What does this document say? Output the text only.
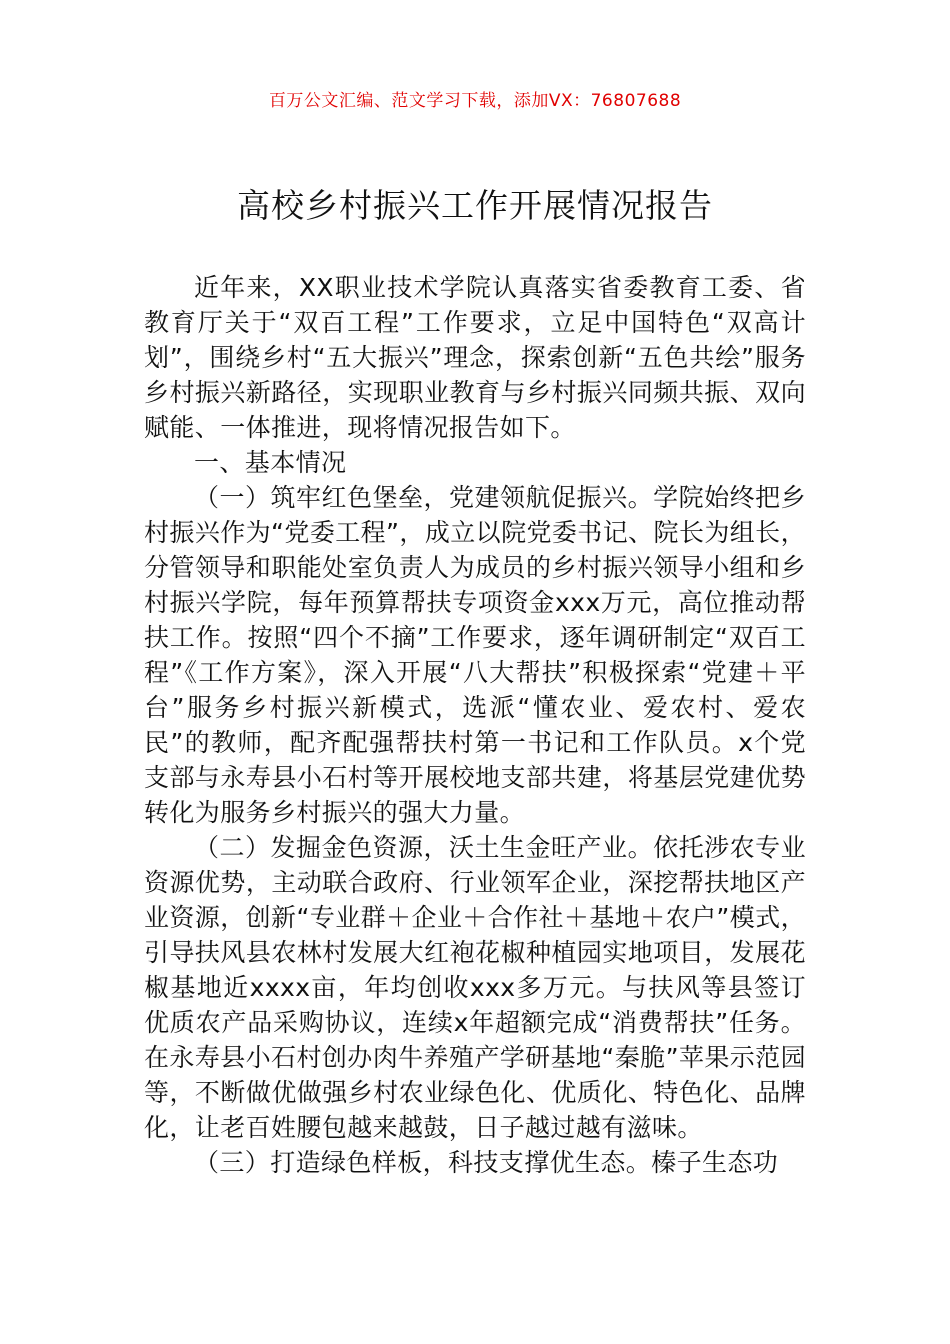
百万公文汇编、范文学习下载，添加VX：76807688
高校乡村振兴工作开展情况报告

近年来，XX职业技术学院认真落实省委教育工委、省教育厅关于“双百工程”工作要求，立足中国特色“双高计划”，围绕乡村“五大振兴”理念，探索创新“五色共绘”服务乡村振兴新路径，实现职业教育与乡村振兴同频共振、双向赋能、一体推进，现将情况报告如下。

一、基本情况

（一）筑牢红色堡垒，党建领航促振兴。学院始终把乡村振兴作为“党委工程”，成立以院党委书记、院长为组长，分管领导和职能处室负责人为成员的乡村振兴领导小组和乡村振兴学院，每年预算帮扶专项资金xxx万元，高位推动帮扶工作。按照“四个不摘”工作要求，逐年调研制定“双百工程”《工作方案》，深入开展“八大帮扶”积极探索“党建＋平台”服务乡村振兴新模式，选派“懂农业、爱农村、爱农民”的教师，配齐配强帮扶村第一书记和工作队员。x个党支部与永寿县小石村等开展校地支部共建，将基层党建优势转化为服务乡村振兴的强大力量。

（二）发掘金色资源，沃土生金旺产业。依托涉农专业资源优势，主动联合政府、行业领军企业，深挖帮扶地区产业资源，创新“专业群＋企业＋合作社＋基地＋农户”模式，引导扶风县农林村发展大红袍花椒种植园实地项目，发展花椒基地近xxxx亩，年均创收xxx多万元。与扶风等县签订优质农产品采购协议，连续x年超额完成“消费帮扶”任务。在永寿县小石村创办肉牛养殖产学研基地“秦脆”苹果示范园等，不断做优做强乡村农业绿色化、优质化、特色化、品牌化，让老百姓腰包越来越鼓，日子越过越有滋味。

（三）打造绿色样板，科技支撑优生态。榛子生态功
